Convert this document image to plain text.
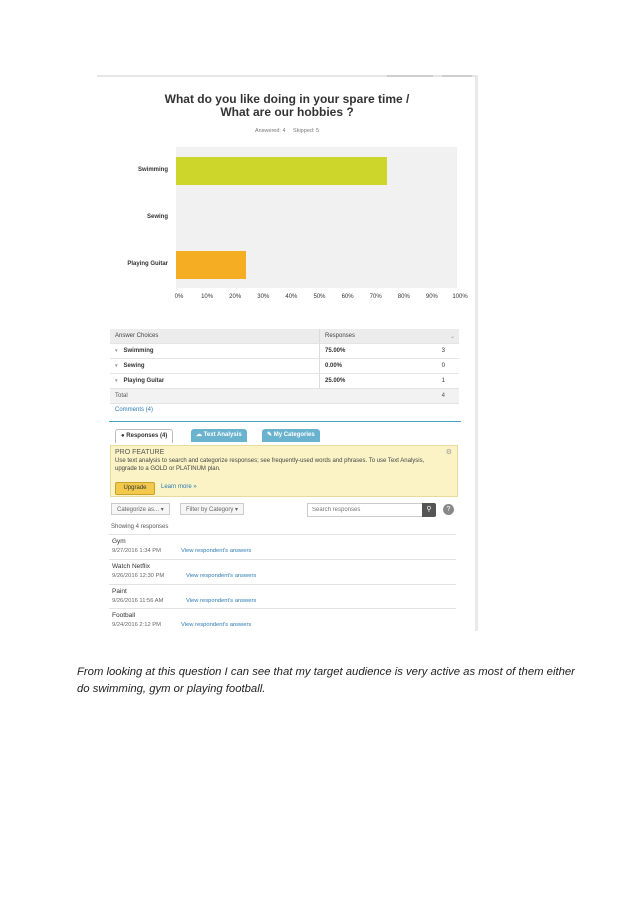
What do you like doing in your spare time /
What are our hobbies ?
Answered: 4 Skipped: 5
Answer Choices	Responses	⌄
▾ Swimming	75.00%	3
▾ Sewing	0.00%	0
▾ Playing Guitar	25.00%	1
Total	4
Comments (4)
● Responses (4)	☁ Text Analysis	✎ My Categories
PRO FEATURE	⚙
Use text analysis to search and categorize responses; see frequently-used words and phrases. To use Text Analysis, upgrade to a GOLD or PLATINUM plan.
Upgrade	Learn more »
Categorize as... ▾	Filter by Category ▾
Search responses	⚲	?
Showing 4 responses
Gym
9/27/2016 1:34 PM	View respondent's answers
Watch Netflix
9/26/2016 12:30 PM	View respondent's answers
Paint
9/26/2016 11:56 AM	View respondent's answers
Football
9/24/2016 2:12 PM	View respondent's answers
Swimming
Sewing
Playing Guitar
0%	10%	20%	30%	40%	50%	60%	70%	80%	90%	100%
From looking at this question I can see that my target audience is very active as most of them either do swimming, gym or playing football.
